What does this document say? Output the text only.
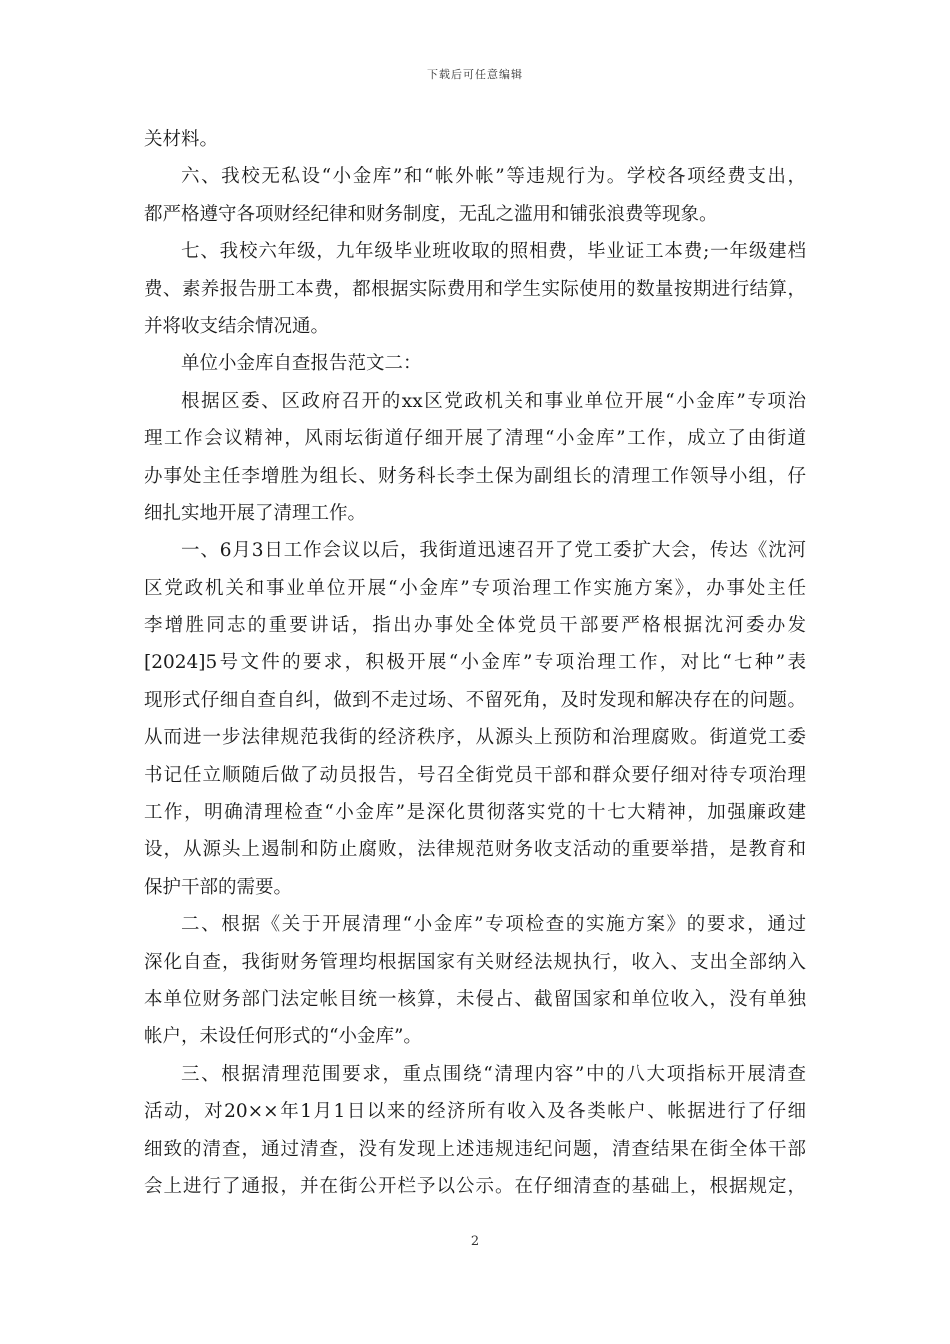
下载后可任意编辑
关材料。
六、我校无私设“小金库”和“帐外帐”等违规行为。学校各项经费支出，
都严格遵守各项财经纪律和财务制度，无乱之滥用和铺张浪费等现象。
七、我校六年级，九年级毕业班收取的照相费，毕业证工本费;一年级建档
费、素养报告册工本费，都根据实际费用和学生实际使用的数量按期进行结算，
并将收支结余情况通。
单位小金库自查报告范文二：
根据区委、区政府召开的xx区党政机关和事业单位开展“小金库”专项治
理工作会议精神，风雨坛街道仔细开展了清理“小金库”工作，成立了由街道
办事处主任李增胜为组长、财务科长李土保为副组长的清理工作领导小组，仔
细扎实地开展了清理工作。
一、6月3日工作会议以后，我街道迅速召开了党工委扩大会，传达《沈河
区党政机关和事业单位开展“小金库”专项治理工作实施方案》，办事处主任
李增胜同志的重要讲话，指出办事处全体党员干部要严格根据沈河委办发
[2024]5号文件的要求，积极开展“小金库”专项治理工作，对比“七种”表
现形式仔细自查自纠，做到不走过场、不留死角，及时发现和解决存在的问题。
从而进一步法律规范我街的经济秩序，从源头上预防和治理腐败。街道党工委
书记任立顺随后做了动员报告，号召全街党员干部和群众要仔细对待专项治理
工作，明确清理检查“小金库”是深化贯彻落实党的十七大精神，加强廉政建
设，从源头上遏制和防止腐败，法律规范财务收支活动的重要举措，是教育和
保护干部的需要。
二、根据《关于开展清理“小金库”专项检查的实施方案》的要求，通过
深化自查，我街财务管理均根据国家有关财经法规执行，收入、支出全部纳入
本单位财务部门法定帐目统一核算，未侵占、截留国家和单位收入，没有单独
帐户，未设任何形式的“小金库”。
三、根据清理范围要求，重点围绕“清理内容”中的八大项指标开展清查
活动，对20××年1月1日以来的经济所有收入及各类帐户、帐据进行了仔细
细致的清查，通过清查，没有发现上述违规违纪问题，清查结果在街全体干部
会上进行了通报，并在街公开栏予以公示。在仔细清查的基础上，根据规定，
2
